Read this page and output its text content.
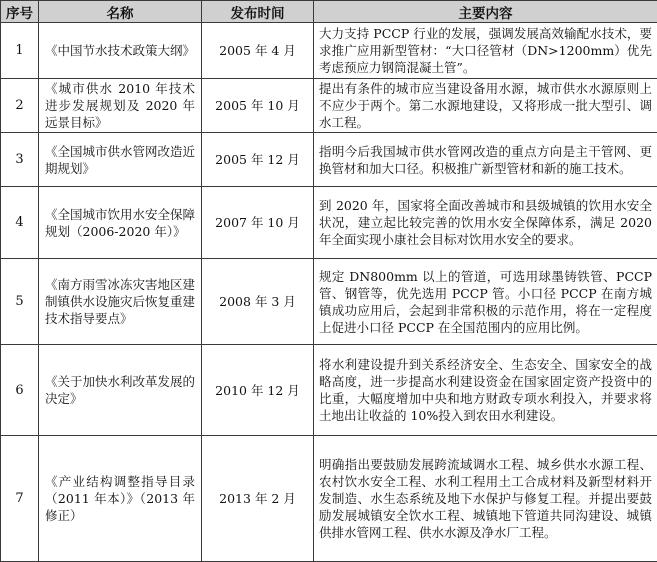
序号	名称	发布时间	主要内容
1	《中国节水技术政策大纲》	2005 年 4 月	大力支持 PCCP 行业的发展，强调发展高效输配水技术，要求推广应用新型管材：“大口径管材（DN>1200mm）优先考虑预应力钢筒混凝土管”。
2	《城市供水 2010 年技术进步发展规划及 2020 年远景目标》	2005 年 10 月	提出有条件的城市应当建设备用水源，城市供水水源原则上不应少于两个。第二水源地建设，又将形成一批大型引、调水工程。
3	《全国城市供水管网改造近期规划》	2005 年 12 月	指明今后我国城市供水管网改造的重点方向是主干管网、更换管材和加大口径。积极推广新型管材和新的施工技术。
4	《全国城市饮用水安全保障规划（2006-2020 年）》	2007 年 10 月	到 2020 年，国家将全面改善城市和县级城镇的饮用水安全状况，建立起比较完善的饮用水安全保障体系，满足 2020 年全面实现小康社会目标对饮用水安全的要求。
5	《南方雨雪冰冻灾害地区建制镇供水设施灾后恢复重建技术指导要点》	2008 年 3 月	规定 DN800mm 以上的管道，可选用球墨铸铁管、PCCP 管、钢管等，优先选用 PCCP 管。小口径 PCCP 在南方城镇成功应用后，会起到非常积极的示范作用，将在一定程度上促进小口径 PCCP 在全国范围内的应用比例。
6	《关于加快水利改革发展的决定》	2010 年 12 月	将水利建设提升到关系经济安全、生态安全、国家安全的战略高度，进一步提高水利建设资金在国家固定资产投资中的比重，大幅度增加中央和地方财政专项水利投入，并要求将土地出让收益的 10%投入到农田水利建设。
7	《产业结构调整指导目录（2011 年本）》（2013 年修正）	2013 年 2 月	明确指出要鼓励发展跨流域调水工程、城乡供水水源工程、农村饮水安全工程、水利工程用土工合成材料及新型材料开发制造、水生态系统及地下水保护与修复工程。并提出要鼓励发展城镇安全饮水工程、城镇地下管道共同沟建设、城镇供排水管网工程、供水水源及净水厂工程。
